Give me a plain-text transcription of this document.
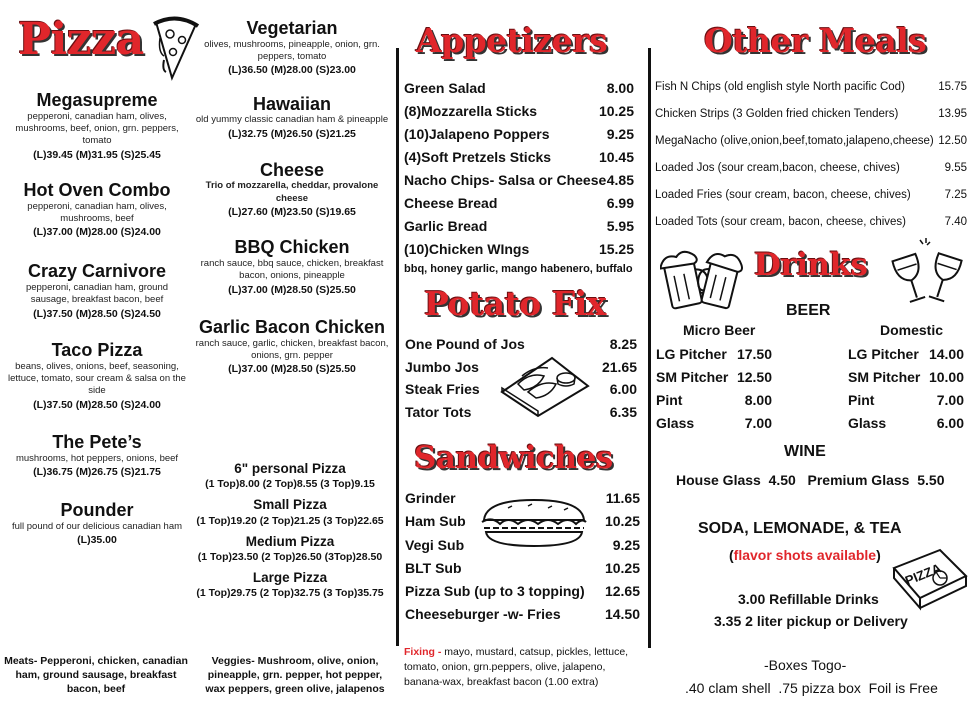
Pizza
Megasupreme
pepperoni, canadian ham, olives, mushrooms, beef, onion, grn. peppers, tomato
(L)39.45 (M)31.95 (S)25.45
Hot Oven Combo
pepperoni, canadian ham, olives, mushrooms, beef
(L)37.00 (M)28.00 (S)24.00
Crazy Carnivore
pepperoni, canadian ham, ground sausage, breakfast bacon, beef
(L)37.50 (M)28.50 (S)24.50
Taco Pizza
beans, olives, onions, beef, seasoning, lettuce, tomato, sour cream & salsa on the side
(L)37.50 (M)28.50 (S)24.00
The Pete’s
mushrooms, hot peppers, onions, beef
(L)36.75 (M)26.75 (S)21.75
Pounder
full pound of our delicious canadian ham
(L)35.00
Vegetarian
olives, mushrooms, pineapple, onion, grn. peppers, tomato
(L)36.50 (M)28.00 (S)23.00
Hawaiian
old yummy classic canadian ham & pineapple
(L)32.75 (M)26.50 (S)21.25
Cheese
Trio of mozzarella, cheddar, provalone cheese
(L)27.60 (M)23.50 (S)19.65
BBQ Chicken
ranch sauce, bbq sauce, chicken, breakfast bacon, onions, pineapple
(L)37.00 (M)28.50 (S)25.50
Garlic Bacon Chicken
ranch sauce, garlic, chicken, breakfast bacon, onions, grn. pepper
(L)37.00 (M)28.50 (S)25.50
6" personal Pizza
(1 Top)8.00 (2 Top)8.55 (3 Top)9.15
Small Pizza
(1 Top)19.20 (2 Top)21.25 (3 Top)22.65
Medium Pizza
(1 Top)23.50 (2 Top)26.50 (3Top)28.50
Large Pizza
(1 Top)29.75 (2 Top)32.75 (3 Top)35.75
Meats- Pepperoni, chicken, canadian ham, ground sausage, breakfast bacon, beef
Veggies- Mushroom, olive, onion, pineapple, grn. pepper, hot pepper, wax peppers, green olive, jalapenos
Appetizers
Green Salad	8.00
(8)Mozzarella Sticks	10.25
(10)Jalapeno Poppers	9.25
(4)Soft Pretzels Sticks	10.45
Nacho Chips- Salsa or Cheese 4.85
Cheese Bread	6.99
Garlic Bread	5.95
(10)Chicken WIngs	15.25
bbq, honey garlic, mango habenero, buffalo
Potato Fix
One Pound of Jos	8.25
Jumbo Jos	21.65
Steak Fries	6.00
Tator Tots	6.35
Sandwiches
Grinder	11.65
Ham Sub	10.25
Vegi Sub	9.25
BLT Sub	10.25
Pizza Sub (up to 3 topping) 12.65
Cheeseburger -w- Fries	14.50
Fixing - mayo, mustard, catsup, pickles, lettuce, tomato, onion, grn.peppers, olive, jalapeno, banana-wax, breakfast bacon (1.00 extra)
Other Meals
Fish N Chips (old english style North pacific Cod)	15.75
Chicken Strips (3 Golden fried chicken Tenders)	13.95
MegaNacho (olive,onion,beef,tomato,jalapeno,cheese) 12.50
Loaded Jos (sour cream,bacon, cheese, chives)	9.55
Loaded Fries (sour cream, bacon, cheese, chives)	7.25
Loaded Tots (sour cream, bacon, cheese, chives)	7.40
Drinks
BEER
Micro Beer	Domestic
LG Pitcher 17.50
SM Pitcher 12.50
Pint	8.00
Glass	7.00
LG Pitcher 14.00
SM Pitcher 10.00
Pint	7.00
Glass	6.00
WINE
House Glass  4.50   Premium Glass  5.50
SODA, LEMONADE, & TEA
(flavor shots available)
PIZZA
3.00 Refillable Drinks
3.35 2 liter pickup or Delivery
-Boxes Togo-
.40 clam shell  .75 pizza box  Foil is Free
